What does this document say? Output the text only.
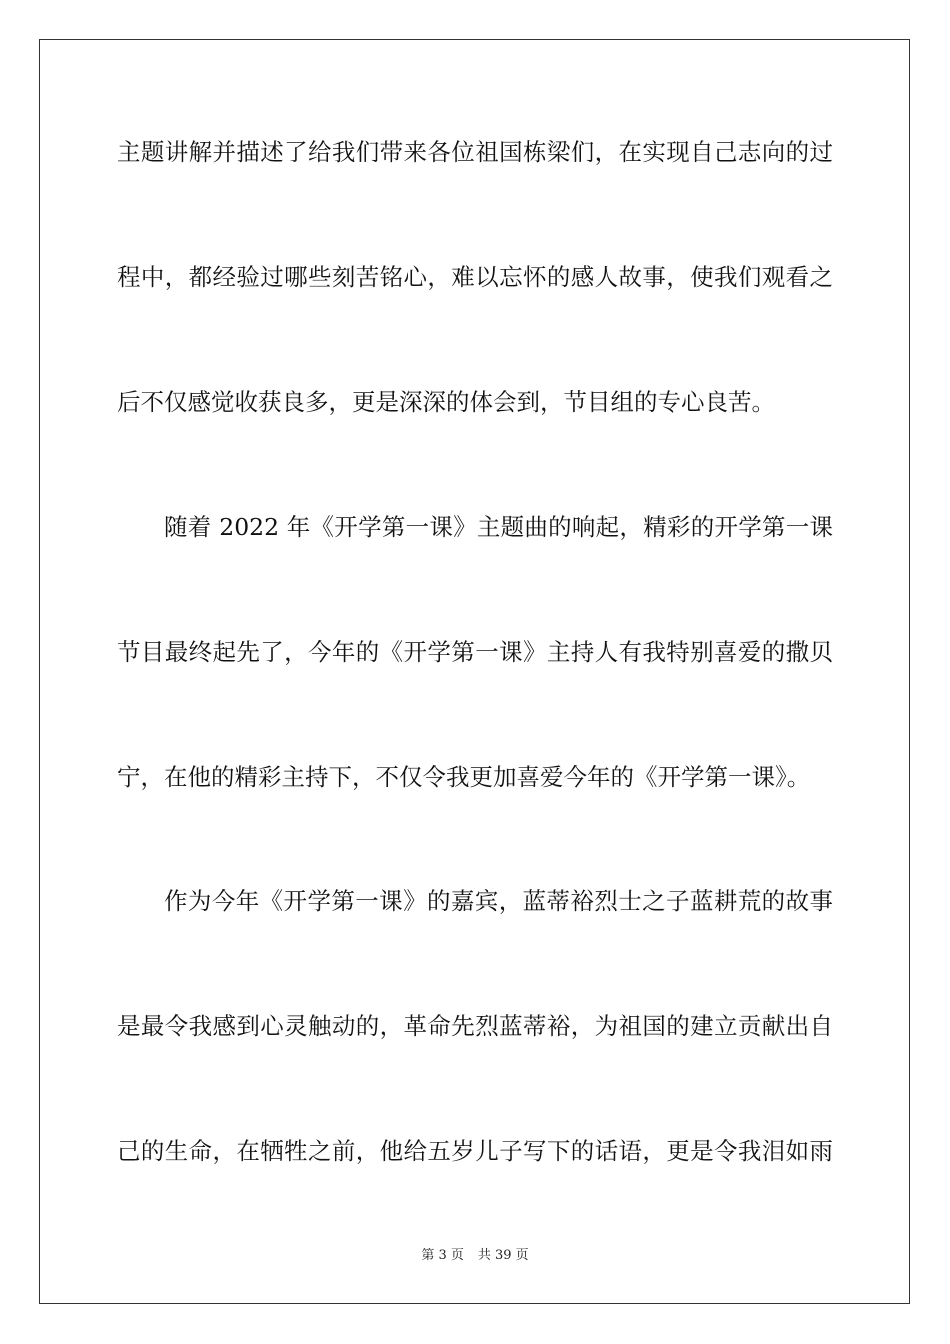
主题讲解并描述了给我们带来各位祖国栋梁们，在实现自己志向的过
程中，都经验过哪些刻苦铭心，难以忘怀的感人故事，使我们观看之
后不仅感觉收获良多，更是深深的体会到，节目组的专心良苦。
随着 2022 年《开学第一课》主题曲的响起，精彩的开学第一课
节目最终起先了，今年的《开学第一课》主持人有我特别喜爱的撒贝
宁，在他的精彩主持下，不仅令我更加喜爱今年的《开学第一课》。
作为今年《开学第一课》的嘉宾，蓝蒂裕烈士之子蓝耕荒的故事
是最令我感到心灵触动的，革命先烈蓝蒂裕，为祖国的建立贡献出自
己的生命，在牺牲之前，他给五岁儿子写下的话语，更是令我泪如雨
第 3 页 共 39 页
